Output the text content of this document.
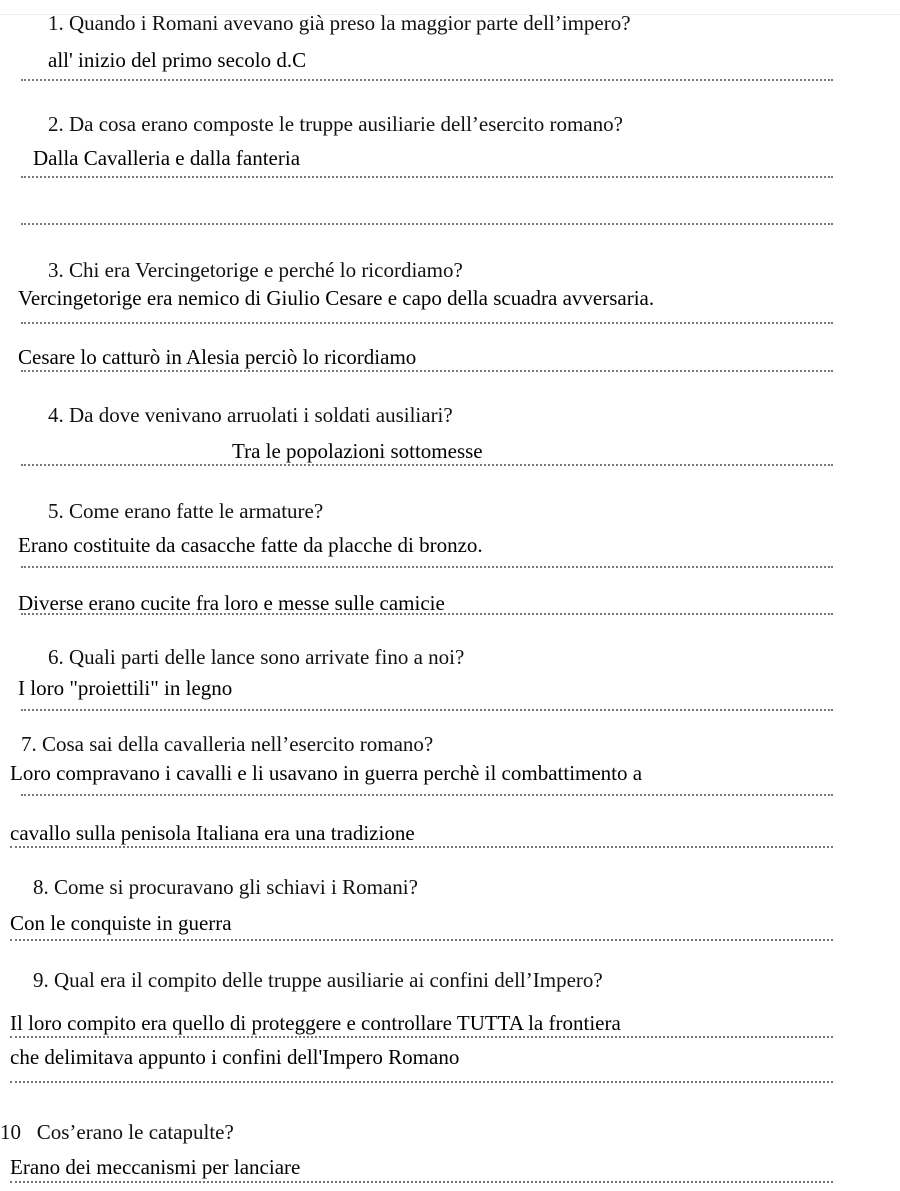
1. Quando i Romani avevano già preso la maggior parte dell’impero?
all' inizio del primo secolo d.C
2. Da cosa erano composte le truppe ausiliarie dell’esercito romano?
Dalla Cavalleria e dalla fanteria
3. Chi era Vercingetorige e perché lo ricordiamo?
Vercingetorige era nemico di Giulio Cesare e capo della scuadra avversaria.
Cesare lo catturò in Alesia perciò lo ricordiamo
4. Da dove venivano arruolati i soldati ausiliari?
Tra le popolazioni sottomesse
5. Come erano fatte le armature?
Erano costituite da casacche fatte da placche di bronzo.
Diverse erano cucite fra loro e messe sulle camicie
6. Quali parti delle lance sono arrivate fino a noi?
I loro "proiettili" in legno
7. Cosa sai della cavalleria nell’esercito romano?
Loro compravano i cavalli e li usavano in guerra perchè il combattimento a
cavallo sulla penisola Italiana era una tradizione
8. Come si procuravano gli schiavi i Romani?
Con le conquiste in guerra
9. Qual era il compito delle truppe ausiliarie ai confini dell’Impero?
Il loro compito era quello di proteggere e controllare TUTTA la frontiera
che delimitava appunto i confini dell'Impero Romano
10 Cos’erano le catapulte?
Erano dei meccanismi per lanciare
